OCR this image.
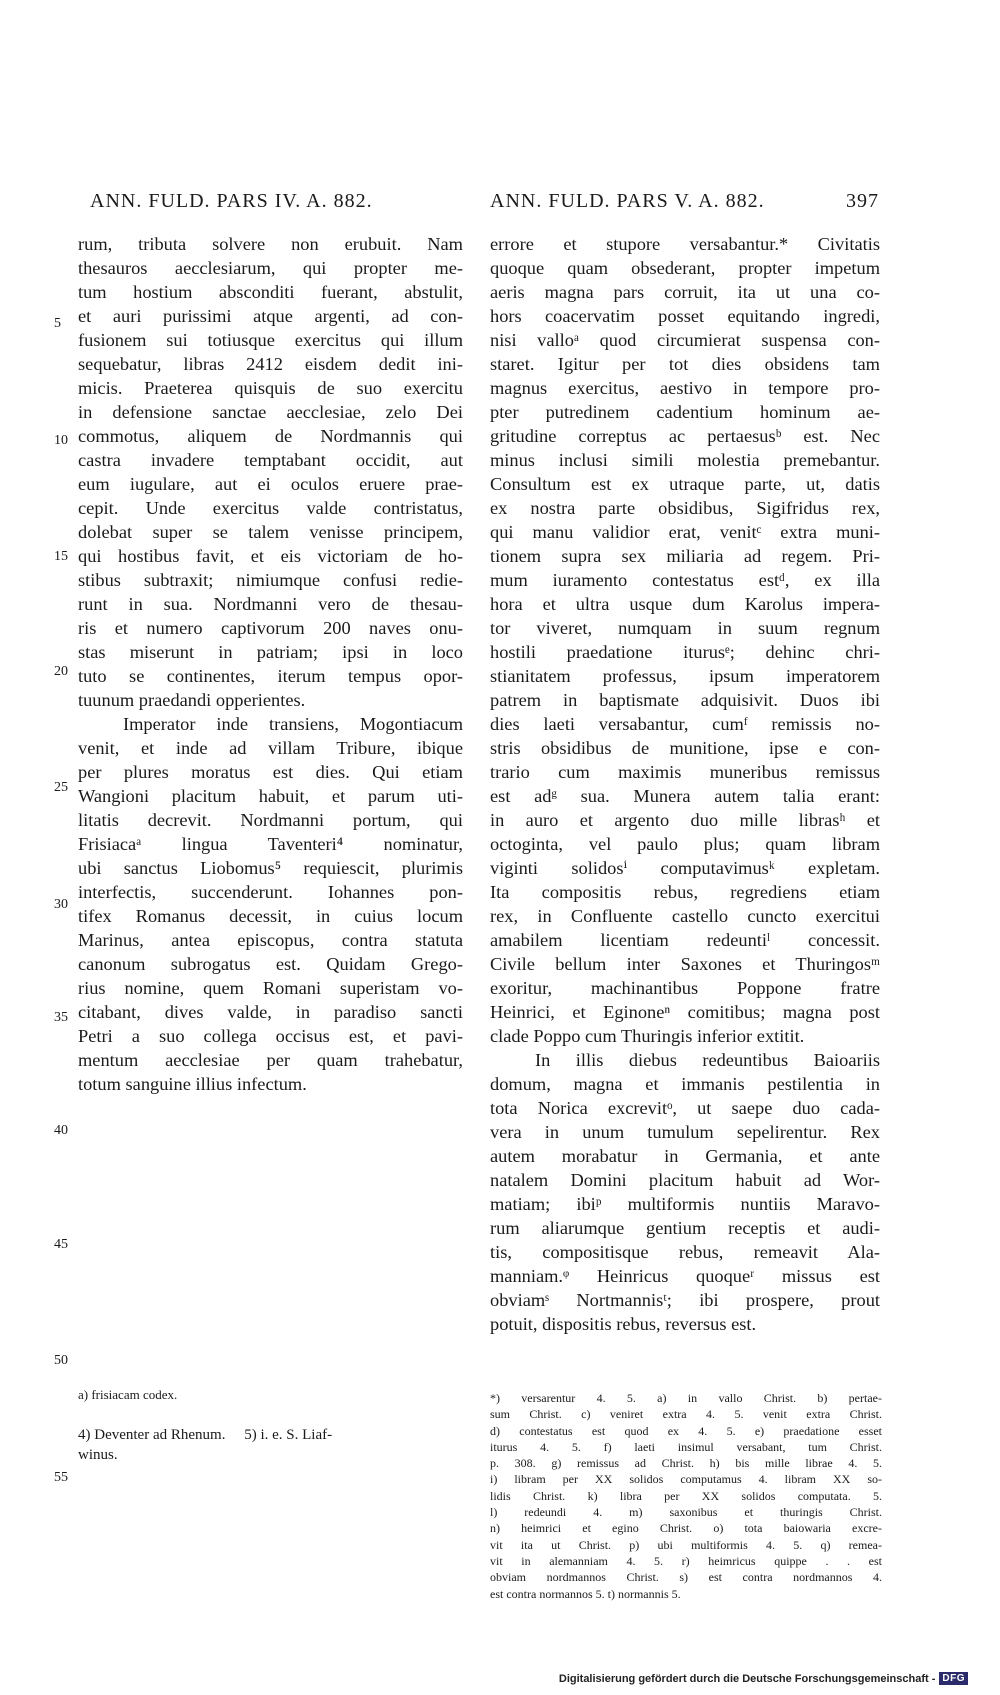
ANN. FULD. PARS IV. A. 882.	ANN. FULD. PARS V. A. 882.	397
rum, tributa solvere non erubuit. Nam
thesauros aecclesiarum, qui propter me-
tum hostium absconditi fuerant, abstulit,
et auri purissimi atque argenti, ad con-
fusionem sui totiusque exercitus qui illum
sequebatur, libras 2412 eisdem dedit ini-
micis. Praeterea quisquis de suo exercitu
in defensione sanctae aecclesiae, zelo Dei
commotus, aliquem de Nordmannis qui
castra invadere temptabant occidit, aut
eum iugulare, aut ei oculos eruere prae-
cepit. Unde exercitus valde contristatus,
dolebat super se talem venisse principem,
qui hostibus favit, et eis victoriam de ho-
stibus subtraxit; nimiumque confusi redie-
runt in sua. Nordmanni vero de thesau-
ris et numero captivorum 200 naves onu-
stas miserunt in patriam; ipsi in loco
tuto se continentes, iterum tempus opor-
tuunum praedandi opperientes.
Imperator inde transiens, Mogontiacum
venit, et inde ad villam Tribure, ibique
per plures moratus est dies. Qui etiam
Wangioni placitum habuit, et parum uti-
litatis decrevit. Nordmanni portum, qui
Frisiacaᵃ lingua Taventeri⁴ nominatur,
ubi sanctus Liobomus⁵ requiescit, plurimis
interfectis, succenderunt. Iohannes pon-
tifex Romanus decessit, in cuius locum
Marinus, antea episcopus, contra statuta
canonum subrogatus est. Quidam Grego-
rius nomine, quem Romani superistam vo-
citabant, dives valde, in paradiso sancti
Petri a suo collega occisus est, et pavi-
mentum aecclesiae per quam trahebatur,
totum sanguine illius infectum.
errore et stupore versabantur.* Civitatis
quoque quam obsederant, propter impetum
aeris magna pars corruit, ita ut una co-
hors coacervatim posset equitando ingredi,
nisi valloᵃ quod circumierat suspensa con-
staret. Igitur per tot dies obsidens tam
magnus exercitus, aestivo in tempore pro-
pter putredinem cadentium hominum ae-
gritudine correptus ac pertaesusᵇ est. Nec
minus inclusi simili molestia premebantur.
Consultum est ex utraque parte, ut, datis
ex nostra parte obsidibus, Sigifridus rex,
qui manu validior erat, venitᶜ extra muni-
tionem supra sex miliaria ad regem. Pri-
mum iuramento contestatus estᵈ, ex illa
hora et ultra usque dum Karolus impera-
tor viveret, numquam in suum regnum
hostili praedatione iturusᵉ; dehinc chri-
stianitatem professus, ipsum imperatorem
patrem in baptismate adquisivit. Duos ibi
dies laeti versabantur, cumᶠ remissis no-
stris obsidibus de munitione, ipse e con-
trario cum maximis muneribus remissus
est adᵍ sua. Munera autem talia erant:
in auro et argento duo mille librasʰ et
octoginta, vel paulo plus; quam libram
viginti solidosⁱ computavimusᵏ expletam.
Ita compositis rebus, regrediens etiam
rex, in Confluente castello cuncto exercitui
amabilem licentiam redeuntiˡ concessit.
Civile bellum inter Saxones et Thuringosᵐ
exoritur, machinantibus Poppone fratre
Heinrici, et Eginoneⁿ comitibus; magna post
clade Poppo cum Thuringis inferior extitit.
In illis diebus redeuntibus Baioariis
domum, magna et immanis pestilentia in
tota Norica excrevitᵒ, ut saepe duo cada-
vera in unum tumulum sepelirentur. Rex
autem morabatur in Germania, et ante
natalem Domini placitum habuit ad Wor-
matiam; ibiᵖ multiformis nuntiis Maravo-
rum aliarumque gentium receptis et audi-
tis, compositisque rebus, remeavit Ala-
manniam.ᵠ Heinricus quoqueʳ missus est
obviamˢ Nortmannisᵗ; ibi prospere, prout
potuit, dispositis rebus, reversus est.
5
10
15
20
25
30
35
40
45
50
55
a) frisiacam codex.
4) Deventer ad Rhenum.     5) i. e. S. Liaf-
winus.
*) versarentur 4. 5. a) in vallo Christ. b) pertae-
sum Christ. c) veniret extra 4. 5. venit extra Christ.
d) contestatus est quod ex 4. 5. e) praedatione esset
iturus 4. 5. f) laeti insimul versabant, tum Christ.
p. 308. g) remissus ad Christ. h) bis mille librae 4. 5.
i) libram per XX solidos computamus 4. libram XX so-
lidis Christ. k) libra per XX solidos computata. 5.
l) redeundi 4. m) saxonibus et thuringis Christ.
n) heimrici et egino Christ. o) tota baiowaria excre-
vit ita ut Christ. p) ubi multiformis 4. 5. q) remea-
vit in alemanniam 4. 5. r) heimricus quippe . . est
obviam nordmannos Christ. s) est contra nordmannos 4.
est contra normannos 5. t) normannis 5.
Digitalisierung gefördert durch die Deutsche Forschungsgemeinschaft - DFG
